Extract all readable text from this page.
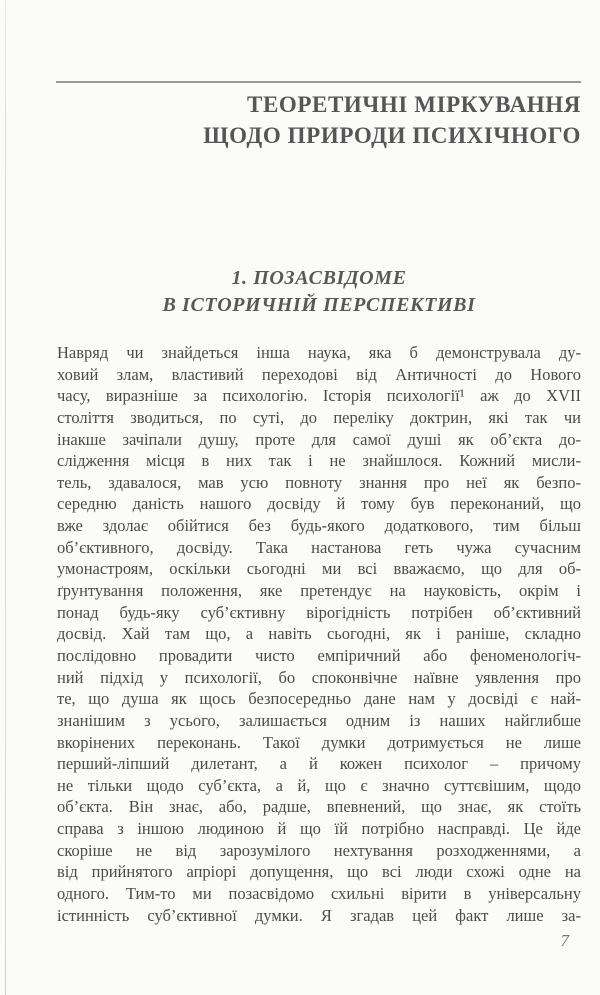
ТЕОРЕТИЧНІ МІРКУВАННЯ
ЩОДО ПРИРОДИ ПСИХІЧНОГО
1. ПОЗАСВІДОМЕ
В ІСТОРИЧНІЙ ПЕРСПЕКТИВІ
Навряд чи знайдеться інша наука, яка б демонструвала ду-
ховий злам, властивий переходові від Античності до Нового
часу, виразніше за психологію. Історія психології¹ аж до XVII
століття зводиться, по суті, до переліку доктрин, які так чи
інакше зачіпали душу, проте для самої душі як об’єкта до-
слідження місця в них так і не знайшлося. Кожний мисли-
тель, здавалося, мав усю повноту знання про неї як безпо-
середню даність нашого досвіду й тому був переконаний, що
вже здолає обійтися без будь-якого додаткового, тим більш
об’єктивного, досвіду. Така настанова геть чужа сучасним
умонастроям, оскільки сьогодні ми всі вважаємо, що для об-
ґрунтування положення, яке претендує на науковість, окрім і
понад будь-яку суб’єктивну вірогідність потрібен об’єктивний
досвід. Хай там що, а навіть сьогодні, як і раніше, складно
послідовно провадити чисто емпіричний або феноменологіч-
ний підхід у психології, бо споконвічне наївне уявлення про
те, що душа як щось безпосередньо дане нам у досвіді є най-
знанішим з усього, залишається одним із наших найглибше
вкорінених переконань. Такої думки дотримується не лише
перший-ліпший дилетант, а й кожен психолог – причому
не тільки щодо суб’єкта, а й, що є значно суттєвішим, щодо
об’єкта. Він знає, або, радше, впевнений, що знає, як стоїть
справа з іншою людиною й що їй потрібно насправді. Це йде
скоріше не від зарозумілого нехтування розходженнями, а
від прийнятого апріорі допущення, що всі люди схожі одне на
одного. Тим-то ми позасвідомо схильні вірити в універсальну
істинність суб’єктивної думки. Я згадав цей факт лише за-
7
